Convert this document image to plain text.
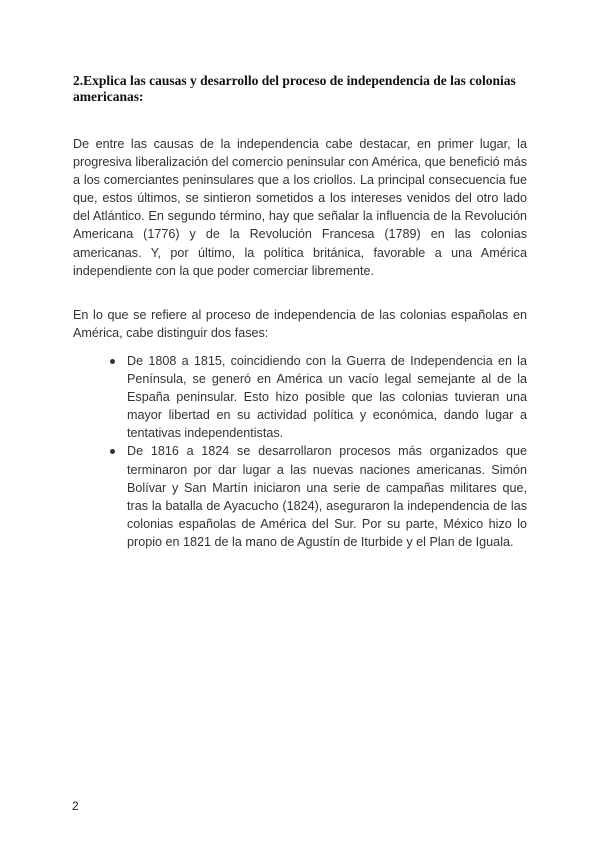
2.Explica las causas y desarrollo del proceso de independencia de las colonias americanas:

De entre las causas de la independencia cabe destacar, en primer lugar, la progresiva liberalización del comercio peninsular con América, que benefició más a los comerciantes peninsulares que a los criollos. La principal consecuencia fue que, estos últimos, se sintieron sometidos a los intereses venidos del otro lado del Atlántico. En segundo término, hay que señalar la influencia de la Revolución Americana (1776) y de la Revolución Francesa (1789) en las colonias americanas. Y, por último, la política británica, favorable a una América independiente con la que poder comerciar libremente.

En lo que se refiere al proceso de independencia de las colonias españolas en América, cabe distinguir dos fases:

De 1808 a 1815, coincidiendo con la Guerra de Independencia en la Península, se generó en América un vacío legal semejante al de la España peninsular. Esto hizo posible que las colonias tuvieran una mayor libertad en su actividad política y económica, dando lugar a tentativas independentistas.
De 1816 a 1824 se desarrollaron procesos más organizados que terminaron por dar lugar a las nuevas naciones americanas. Simón Bolívar y San Martín iniciaron una serie de campañas militares que, tras la batalla de Ayacucho (1824), aseguraron la independencia de las colonias españolas de América del Sur. Por su parte, México hizo lo propio en 1821 de la mano de Agustín de Iturbide y el Plan de Iguala.
2
